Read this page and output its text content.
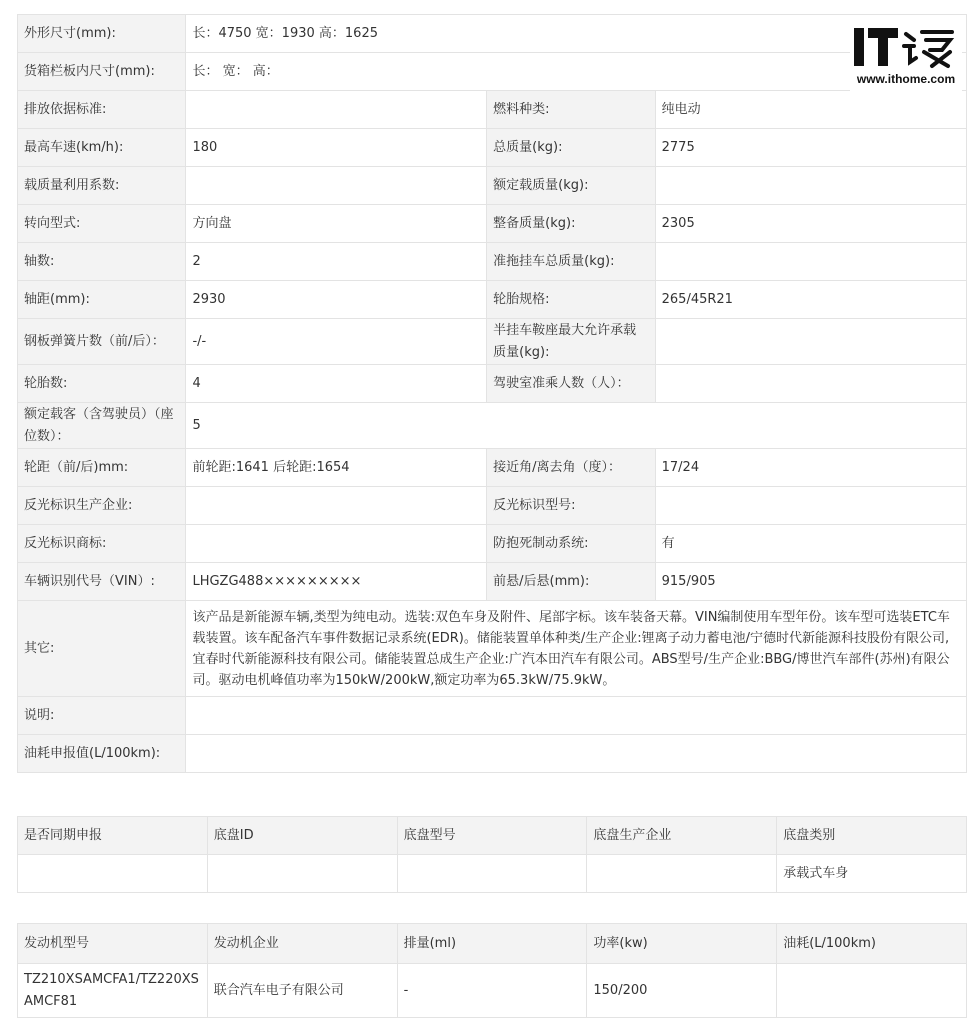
外形尺寸(mm):	长：4750 宽：1930 高：1625		
货箱栏板内尺寸(mm):	长： 宽： 高：		
排放依据标准:		燃料种类:	纯电动
最高车速(km/h):	180	总质量(kg):	2775
载质量利用系数:		额定载质量(kg):	
转向型式:	方向盘	整备质量(kg):	2305
轴数:	2	准拖挂车总质量(kg):	
轴距(mm):	2930	轮胎规格:	265/45R21
钢板弹簧片数（前/后）：	-/-	半挂车鞍座最大允许承载质量(kg):	
轮胎数:	4	驾驶室准乘人数（人）：	
额定载客（含驾驶员）（座位数）：	5		
轮距（前/后)mm:	前轮距:1641 后轮距:1654	接近角/离去角（度）：	17/24
反光标识生产企业:		反光标识型号:	
反光标识商标:		防抱死制动系统:	有
车辆识别代号（VIN）:	LHGZG488×××××××××	前悬/后悬(mm):	915/905
其它:	该产品是新能源车辆,类型为纯电动。选装:双色车身及附件、尾部字标。该车装备天幕。VIN编制使用车型年份。该车型可选装ETC车载装置。该车配备汽车事件数据记录系统(EDR)。储能装置单体种类/生产企业:锂离子动力蓄电池/宁德时代新能源科技股份有限公司,宜春时代新能源科技有限公司。储能装置总成生产企业:广汽本田汽车有限公司。ABS型号/生产企业:BBG/博世汽车部件(苏州)有限公司。驱动电机峰值功率为150kW/200kW,额定功率为65.3kW/75.9kW。		
说明:			
油耗申报值(L/100km):			
是否同期申报	底盘ID	底盘型号	底盘生产企业	底盘类别
				承载式车身
发动机型号	发动机企业	排量(ml)	功率(kw)	油耗(L/100km)
TZ210XSAMCFA1/TZ220XSAMCF81	联合汽车电子有限公司	-	150/200	
www.ithome.com
